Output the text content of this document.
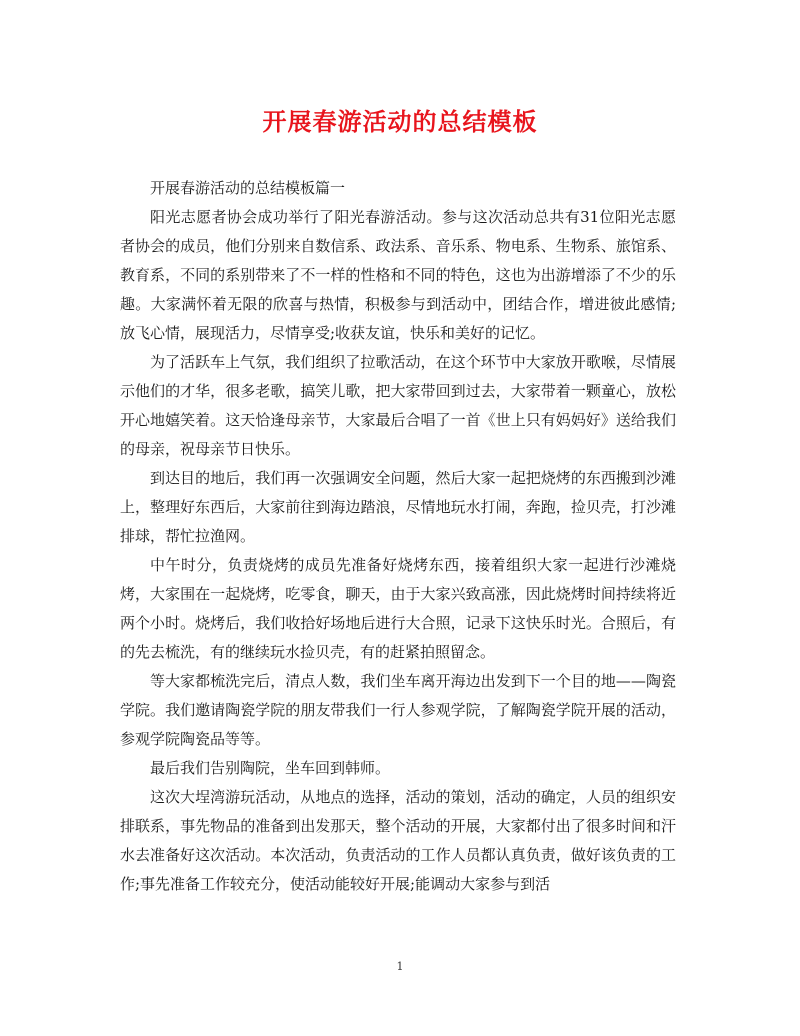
开展春游活动的总结模板

开展春游活动的总结模板篇一

阳光志愿者协会成功举行了阳光春游活动。参与这次活动总共有31位阳光志愿者协会的成员，他们分别来自数信系、政法系、音乐系、物电系、生物系、旅馆系、教育系，不同的系别带来了不一样的性格和不同的特色，这也为出游增添了不少的乐趣。大家满怀着无限的欣喜与热情，积极参与到活动中，团结合作，增进彼此感情;放飞心情，展现活力，尽情享受;收获友谊，快乐和美好的记忆。

为了活跃车上气氛，我们组织了拉歌活动，在这个环节中大家放开歌喉，尽情展示他们的才华，很多老歌，搞笑儿歌，把大家带回到过去，大家带着一颗童心，放松开心地嬉笑着。这天恰逢母亲节，大家最后合唱了一首《世上只有妈妈好》送给我们的母亲，祝母亲节日快乐。

到达目的地后，我们再一次强调安全问题，然后大家一起把烧烤的东西搬到沙滩上，整理好东西后，大家前往到海边踏浪，尽情地玩水打闹，奔跑，捡贝壳，打沙滩排球，帮忙拉渔网。

中午时分，负责烧烤的成员先准备好烧烤东西，接着组织大家一起进行沙滩烧烤，大家围在一起烧烤，吃零食，聊天，由于大家兴致高涨，因此烧烤时间持续将近两个小时。烧烤后，我们收拾好场地后进行大合照，记录下这快乐时光。合照后，有的先去梳洗，有的继续玩水捡贝壳，有的赶紧拍照留念。

等大家都梳洗完后，清点人数，我们坐车离开海边出发到下一个目的地——陶瓷学院。我们邀请陶瓷学院的朋友带我们一行人参观学院，了解陶瓷学院开展的活动，参观学院陶瓷品等等。

最后我们告别陶院，坐车回到韩师。

这次大埕湾游玩活动，从地点的选择，活动的策划，活动的确定，人员的组织安排联系，事先物品的准备到出发那天，整个活动的开展，大家都付出了很多时间和汗水去准备好这次活动。本次活动，负责活动的工作人员都认真负责，做好该负责的工作;事先准备工作较充分，使活动能较好开展;能调动大家参与到活

1
